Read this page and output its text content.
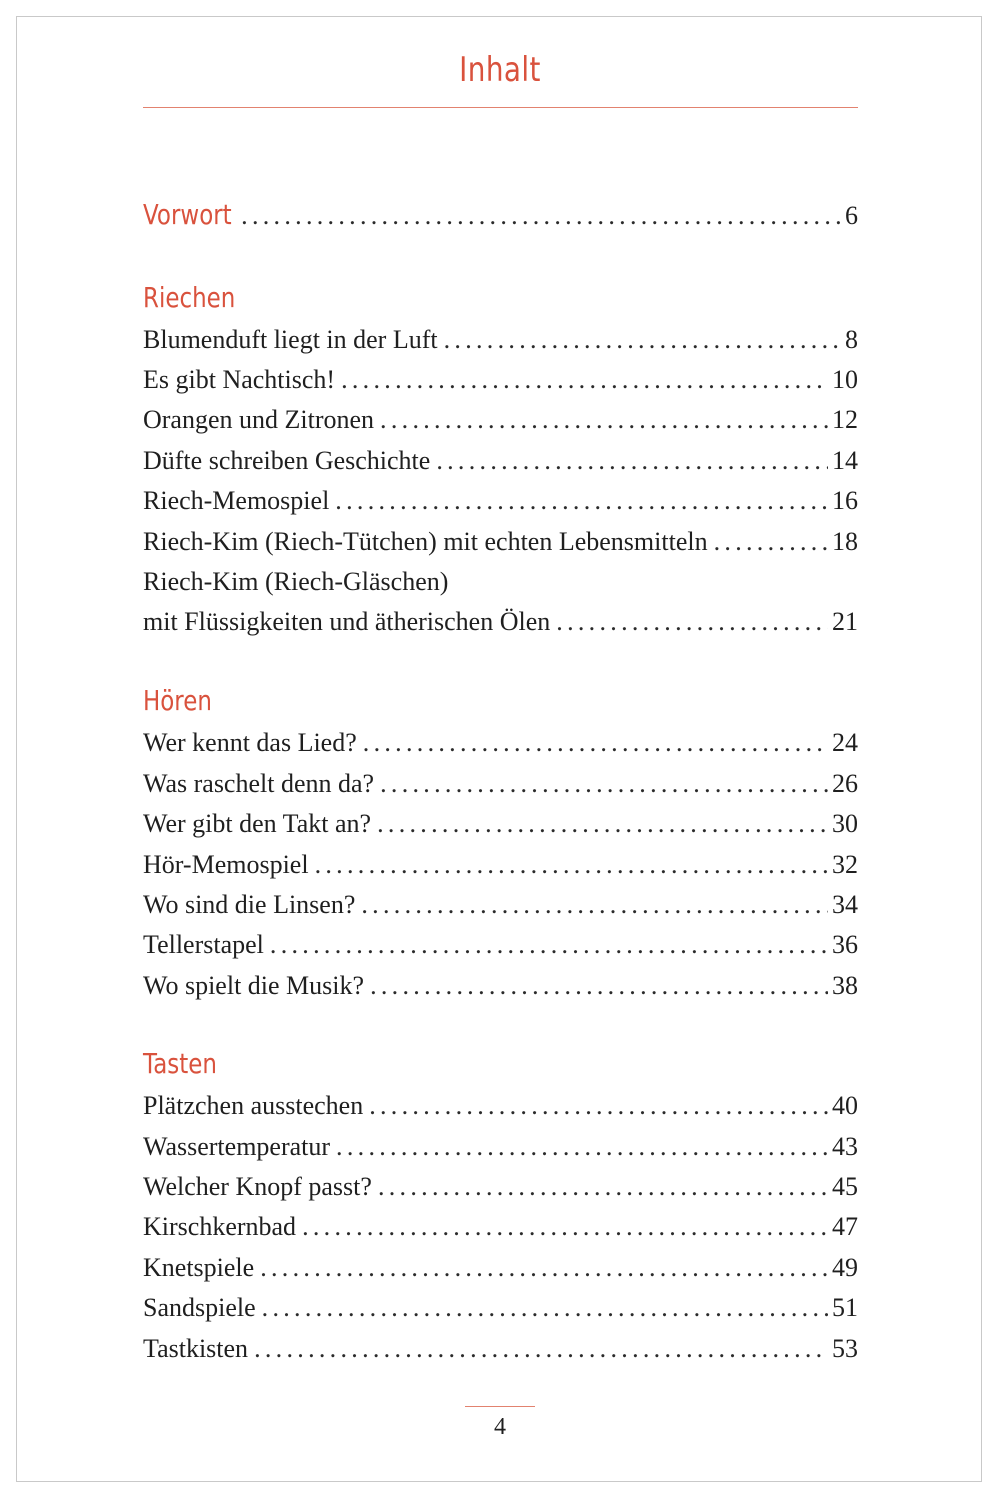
Inhalt
Vorwort . . .	6
Riechen
Blumenduft liegt in der Luft . . .	8
Es gibt Nachtisch! . . .	10
Orangen und Zitronen . . .	12
Düfte schreiben Geschichte . . .	14
Riech-Memospiel . . .	16
Riech-Kim (Riech-Tütchen) mit echten Lebensmitteln . . .	18
Riech-Kim (Riech-Gläschen)
mit Flüssigkeiten und ätherischen Ölen . . .	21
Hören
Wer kennt das Lied? . . .	24
Was raschelt denn da? . . .	26
Wer gibt den Takt an? . . .	30
Hör-Memospiel . . .	32
Wo sind die Linsen? . . .	34
Tellerstapel . . .	36
Wo spielt die Musik? . . .	38
Tasten
Plätzchen ausstechen . . .	40
Wassertemperatur . . .	43
Welcher Knopf passt? . . .	45
Kirschkernbad . . .	47
Knetspiele . . .	49
Sandspiele . . .	51
Tastkisten . . .	53
4
